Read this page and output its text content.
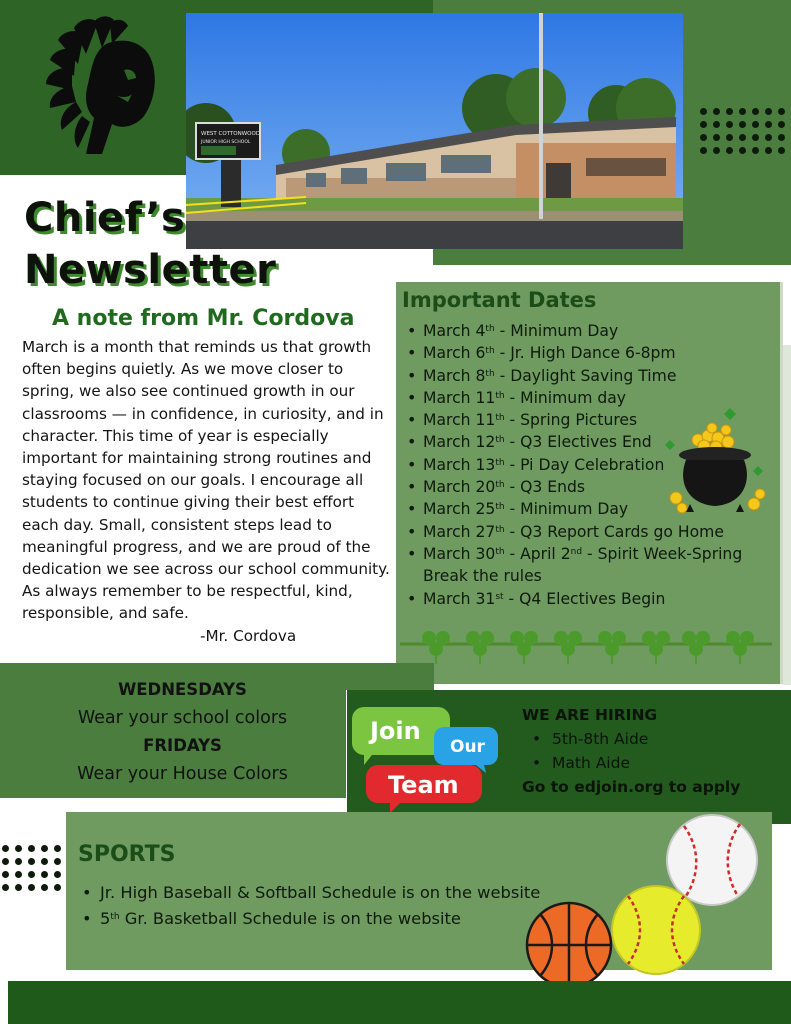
WEST COTTONWOOD
JUNIOR HIGH SCHOOL
Chief’s
Newsletter
A note from Mr. Cordova
March is a month that reminds us that growth often begins quietly. As we move closer to spring, we also see continued growth in our classrooms — in confidence, in curiosity, and in character. This time of year is especially important for maintaining strong routines and staying focused on our goals. I encourage all students to continue giving their best effort each day. Small, consistent steps lead to meaningful progress, and we are proud of the dedication we see across our school community. As always remember to be respectful, kind, responsible, and safe.
-Mr. Cordova
Important Dates
• March 4th - Minimum Day
• March 6th - Jr. High Dance 6-8pm
• March 8th - Daylight Saving Time
• March 11th - Minimum day
• March 11th - Spring Pictures
• March 12th - Q3 Electives End
• March 13th - Pi Day Celebration
• March 20th - Q3 Ends
• March 25th - Minimum Day
• March 27th - Q3 Report Cards go Home
• March 30th - April 2nd - Spirit Week-Spring Break the rules
• March 31st - Q4 Electives Begin
WEDNESDAYS
Wear your school colors
FRIDAYS
Wear your House Colors
Join
Our
Team
WE ARE HIRING
• 5th-8th Aide
• Math Aide
Go to edjoin.org to apply
SPORTS
• Jr. High Baseball & Softball Schedule is on the website
• 5th Gr. Basketball Schedule is on the website
